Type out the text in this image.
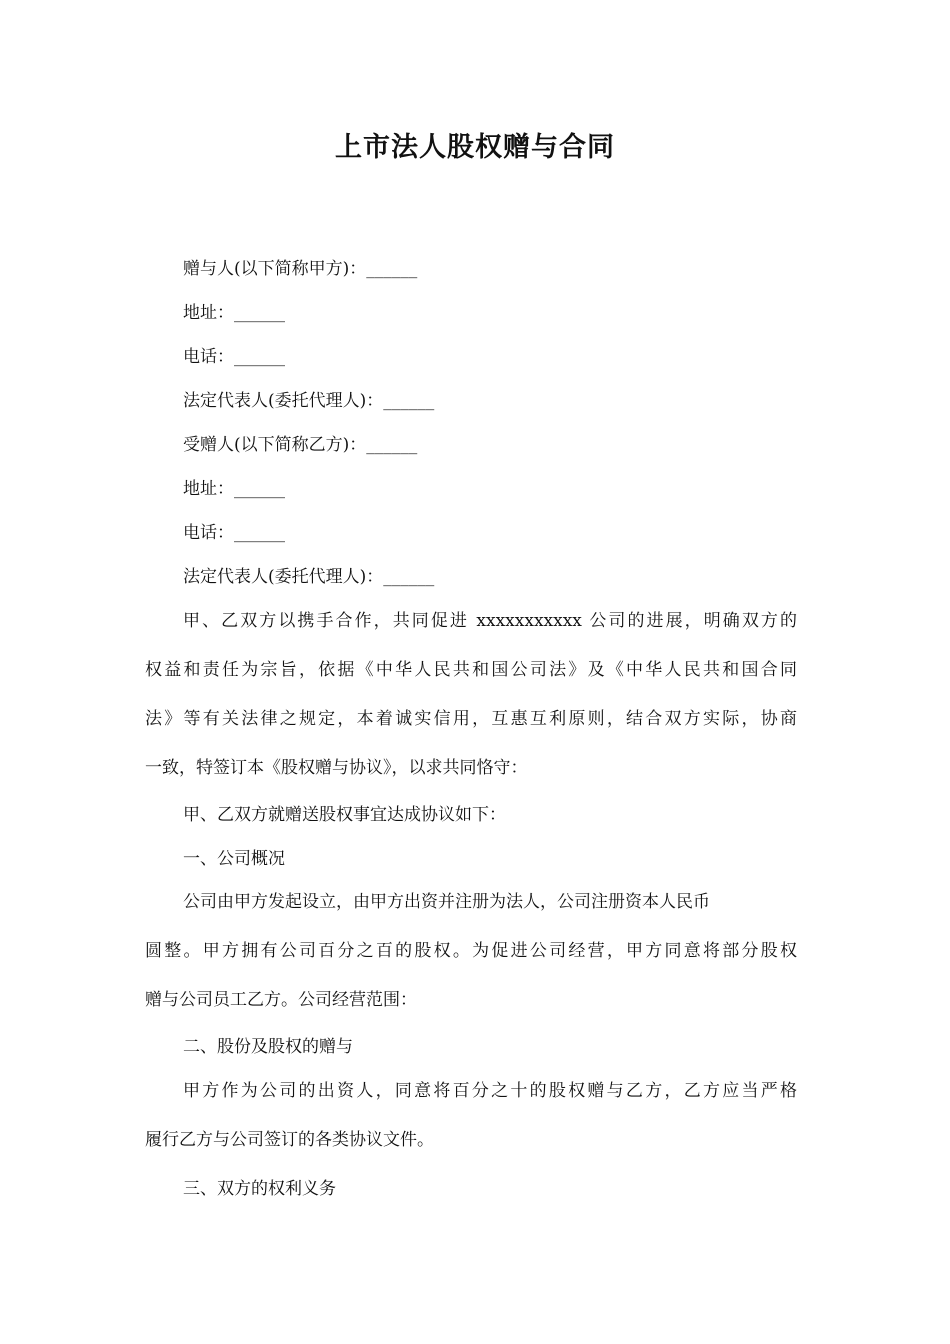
上市法人股权赠与合同
赠与人(以下简称甲方)：______
地址：______
电话：______
法定代表人(委托代理人)：______
受赠人(以下简称乙方)：______
地址：______
电话：______
法定代表人(委托代理人)：______
甲、乙双方以携手合作，共同促进 xxxxxxxxxxx 公司的进展，明确双方的
权益和责任为宗旨，依据《中华人民共和国公司法》及《中华人民共和国合同
法》等有关法律之规定，本着诚实信用，互惠互利原则，结合双方实际，协商
一致，特签订本《股权赠与协议》，以求共同恪守：
甲、乙双方就赠送股权事宜达成协议如下：
一、公司概况
公司由甲方发起设立，由甲方出资并注册为法人，公司注册资本人民币
圆整。甲方拥有公司百分之百的股权。为促进公司经营，甲方同意将部分股权
赠与公司员工乙方。公司经营范围：
二、股份及股权的赠与
甲方作为公司的出资人，同意将百分之十的股权赠与乙方，乙方应当严格
履行乙方与公司签订的各类协议文件。
三、双方的权利义务
